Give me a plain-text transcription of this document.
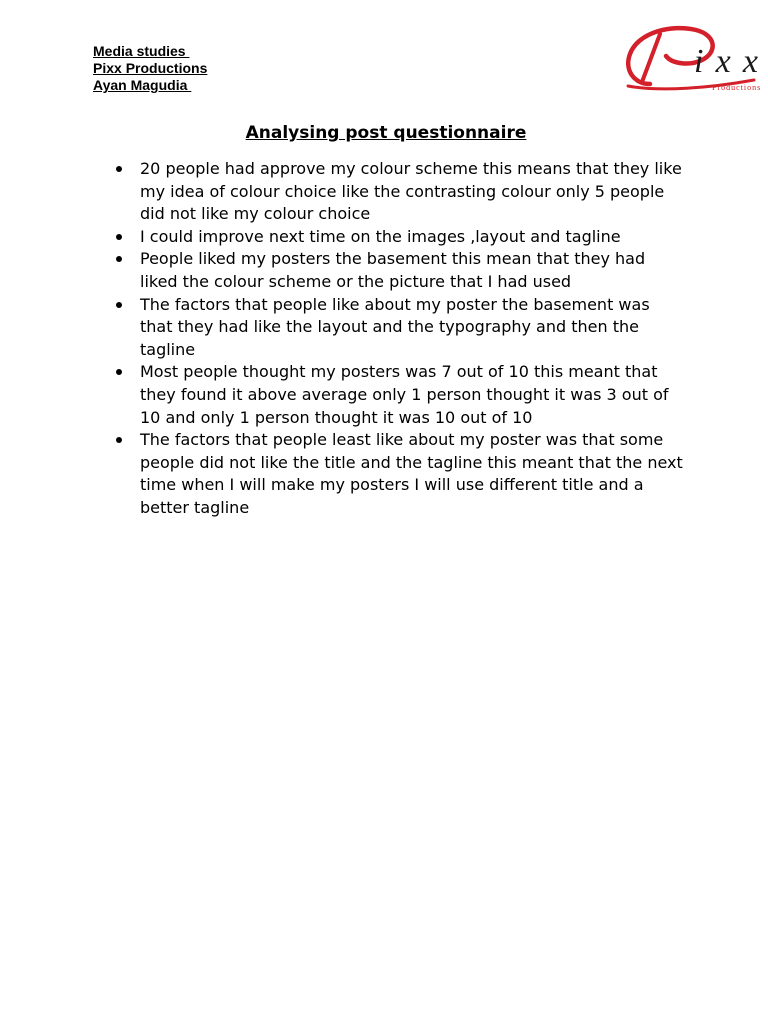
Media studies
Pixx Productions
Ayan Magudia
ixx
Productions
Analysing post questionnaire
20 people had approve my colour scheme this means that they like my idea of colour choice like the contrasting colour only 5 people did not like my colour choice
I could improve next time on the images ,layout and tagline
People liked my posters the basement this mean that they had liked the colour scheme or the picture that I had used
The factors that people like about my poster the basement was that they had like the layout and the typography and then the tagline
Most people thought my posters was 7 out of 10 this meant that they found it above average only 1 person thought it was 3 out of 10 and only 1 person thought it was 10 out of 10
The factors that people least like about my poster was that some people did not like the title and the tagline this meant that the next time when I will make my posters I will use different title and a better tagline
